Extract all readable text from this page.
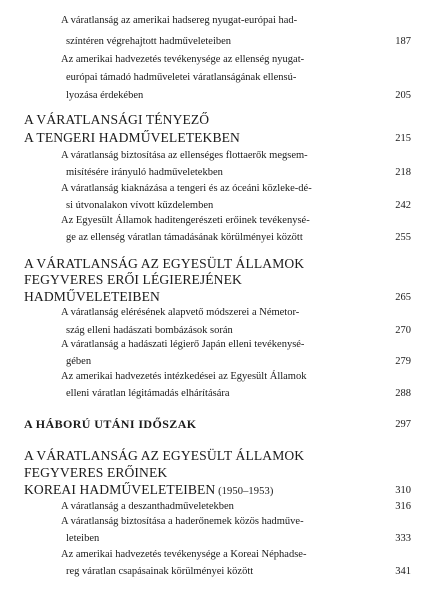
A váratlanság az amerikai hadsereg nyugat-európai had-
színtéren végrehajtott hadműveleteiben	187
Az amerikai hadvezetés tevékenysége az ellenség nyugat-
európai támadó hadműveletei váratlanságának ellensú-
lyozása érdekében	205
A VÁRATLANSÁGI TÉNYEZŐ
A TENGERI HADMŰVELETEKBEN	215
A váratlanság biztosítása az ellenséges flottaerők megsem-
misítésére irányuló hadműveletekben	218
A váratlanság kiaknázása a tengeri és az óceáni közleke-dé-
si útvonalakon vívott küzdelemben	242
Az Egyesült Államok haditengerészeti erőinek tevékenysé-
ge az ellenség váratlan támadásának körülményei között	255
A VÁRATLANSÁG AZ EGYESÜLT ÁLLAMOK
FEGYVERES ERŐI LÉGIEREJÉNEK
HADMŰVELETEIBEN	265
A váratlanság elérésének alapvető módszerei a Németor-
szág elleni hadászati bombázások során	270
A váratlanság a hadászati légierő Japán elleni tevékenysé-
gében	279
Az amerikai hadvezetés intézkedései az Egyesült Államok
elleni váratlan légitámadás elhárítására	288
A HÁBORÚ UTÁNI IDŐSZAK	297
A VÁRATLANSÁG AZ EGYESÜLT ÁLLAMOK
FEGYVERES ERŐINEK
KOREAI HADMŰVELETEIBEN (1950–1953)	310
A váratlanság a deszanthadműveletekben	316
A váratlanság biztosítása a haderőnemek közös hadműve-
leteiben	333
Az amerikai hadvezetés tevékenysége a Koreai Néphadse-
reg váratlan csapásainak körülményei között	341
